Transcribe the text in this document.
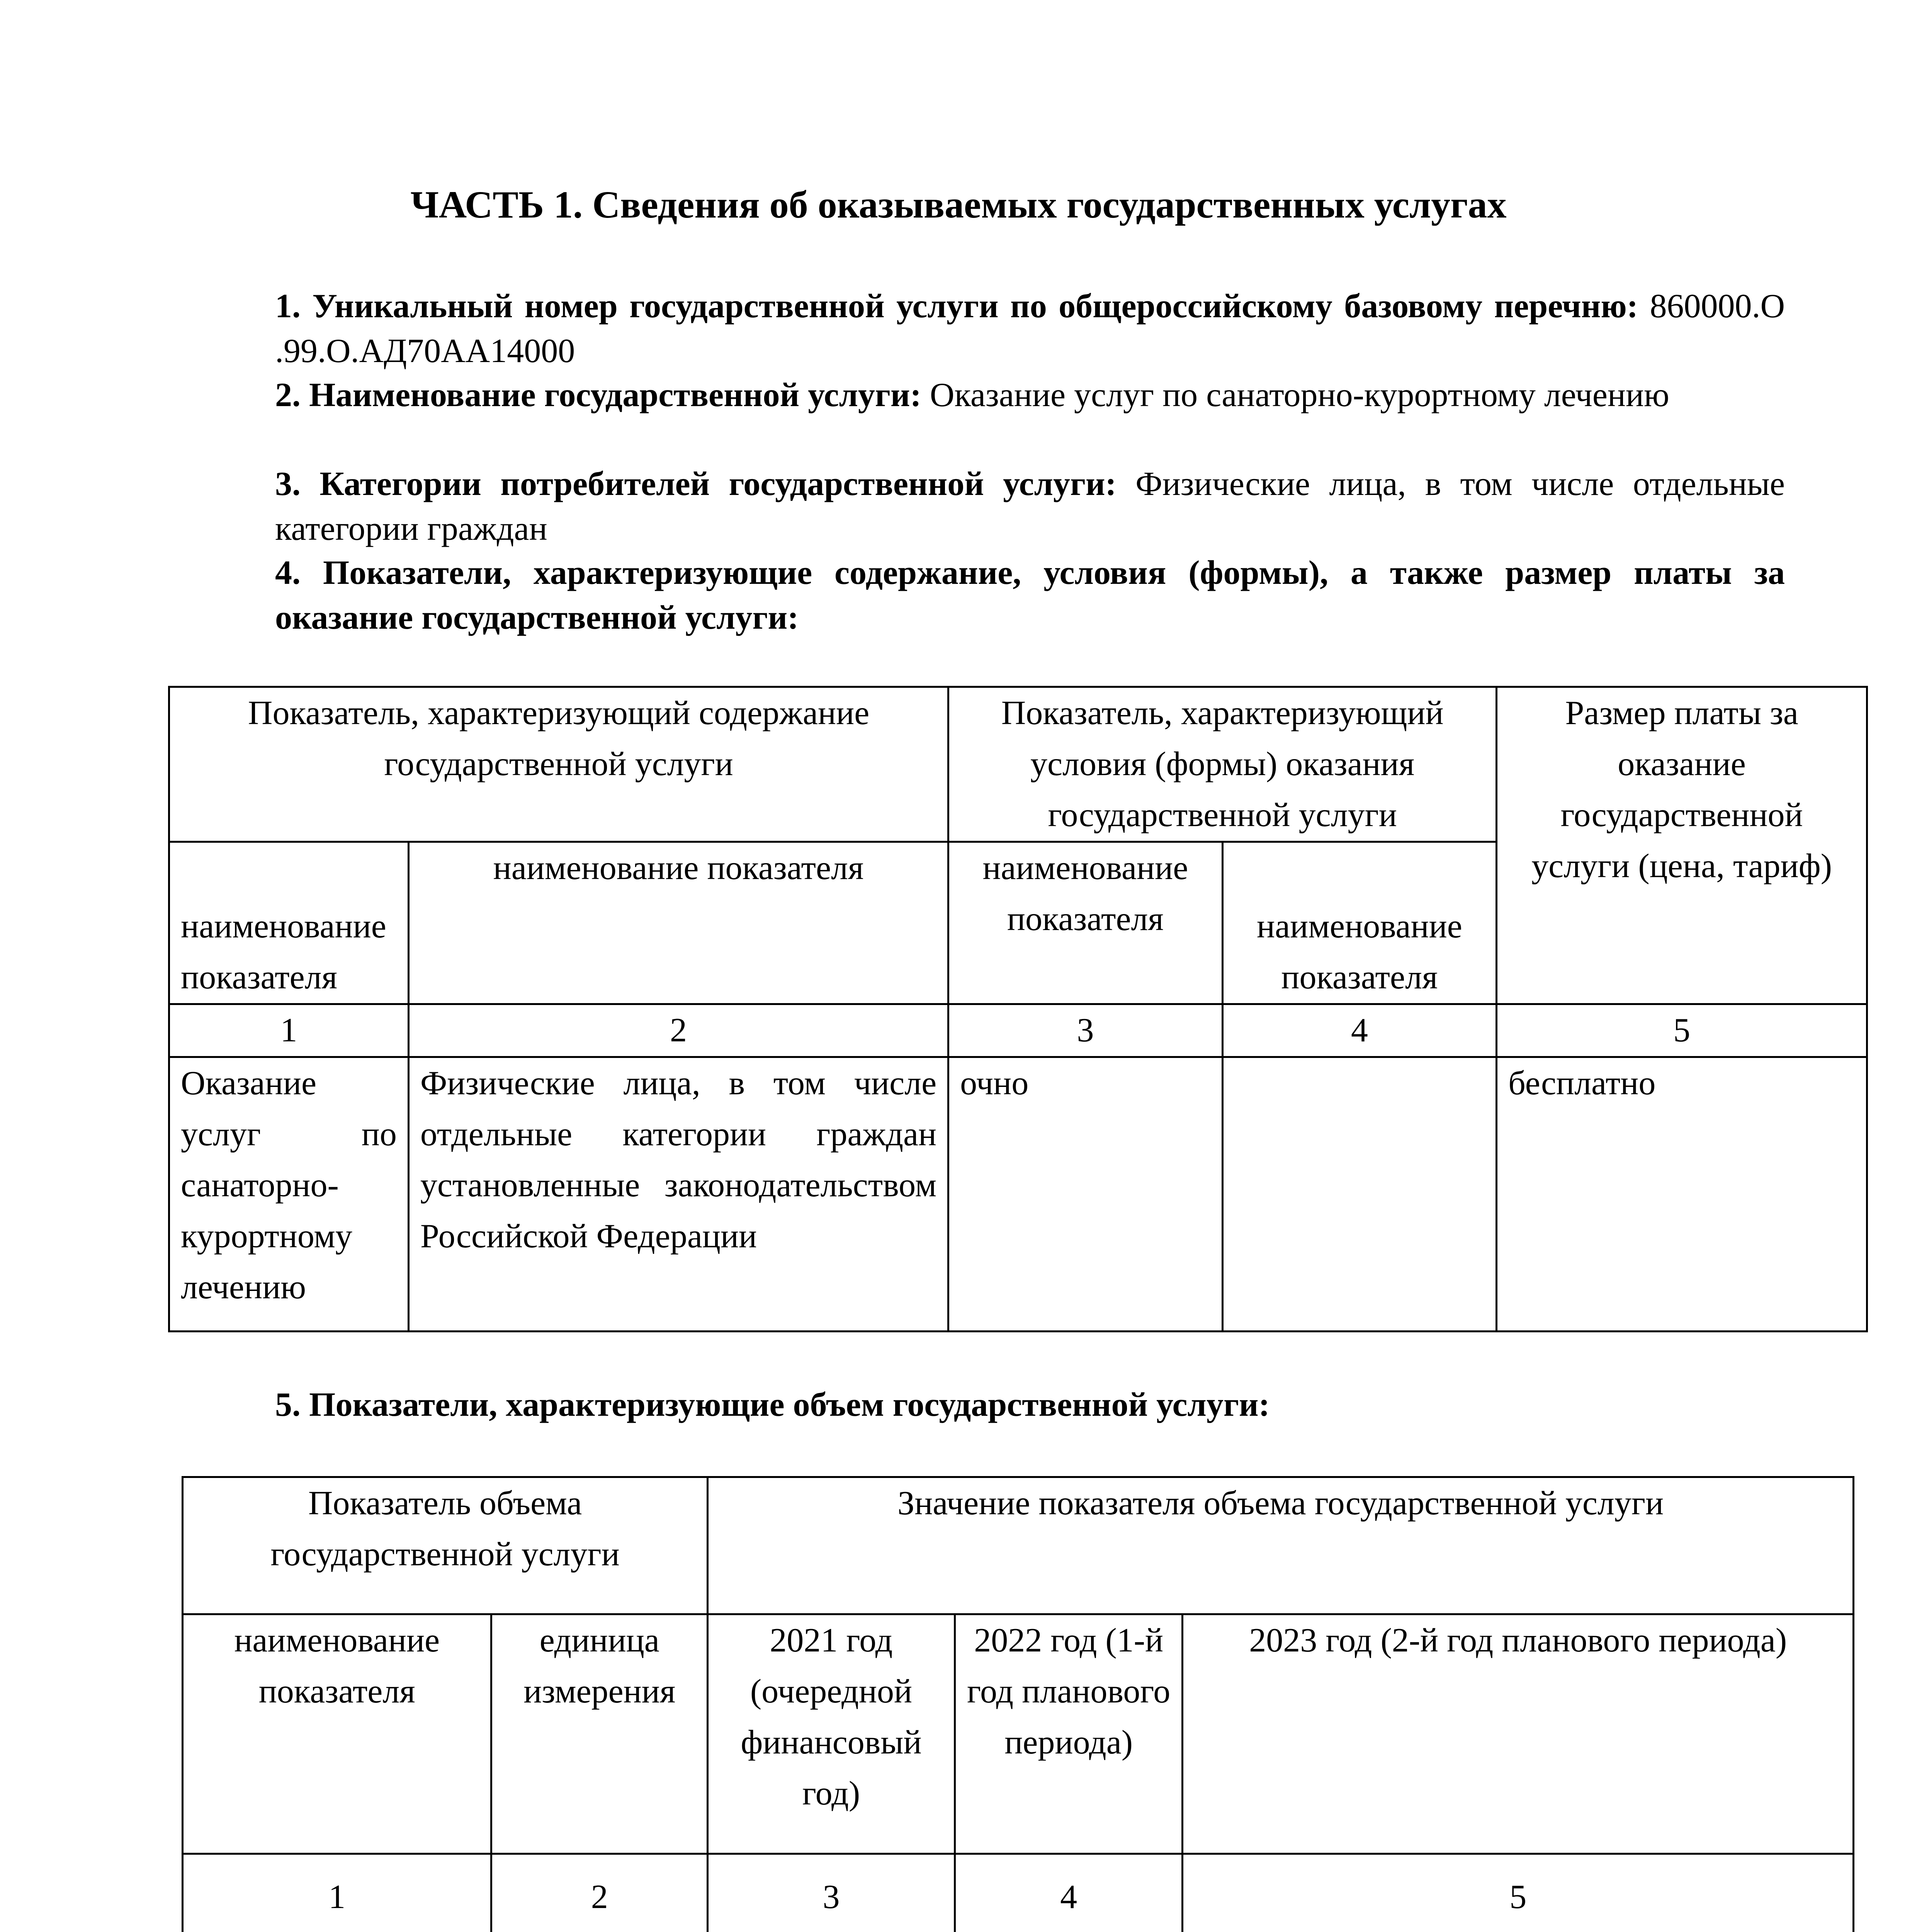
ЧАСТЬ 1. Сведения об оказываемых государственных услугах
1. Уникальный номер государственной услуги по общероссийскому базовому перечню: 860000.О .99.О.АД70АА14000
2. Наименование государственной услуги: Оказание услуг по санаторно-курортному лечению
3. Категории потребителей государственной услуги: Физические лица, в том числе отдельные категории граждан
4. Показатели, характеризующие содержание, условия (формы), а также размер платы за оказание государственной услуги:
Показатель, характеризующий содержание государственной услуги		Показатель, характеризующий условия (формы) оказания государственной услуги		Размер платы за оказание государственной услуги (цена, тариф)
наименование показателя	наименование показателя	наименование показателя	наименование показателя	
1	2	3	4	5
Оказание услуг по санаторно-курортному лечению	Физические лица, в том числе отдельные категории граждан установленные законодательством Российской Федерации	очно		бесплатно
5. Показатели, характеризующие объем государственной услуги:
Показатель объема государственной услуги		Значение показателя объема государственной услуги		
наименование показателя	единица измерения	2021 год (очередной финансовый год)	2022 год (1-й год планового периода)	2023 год (2-й год планового периода)
1	2	3	4	5
